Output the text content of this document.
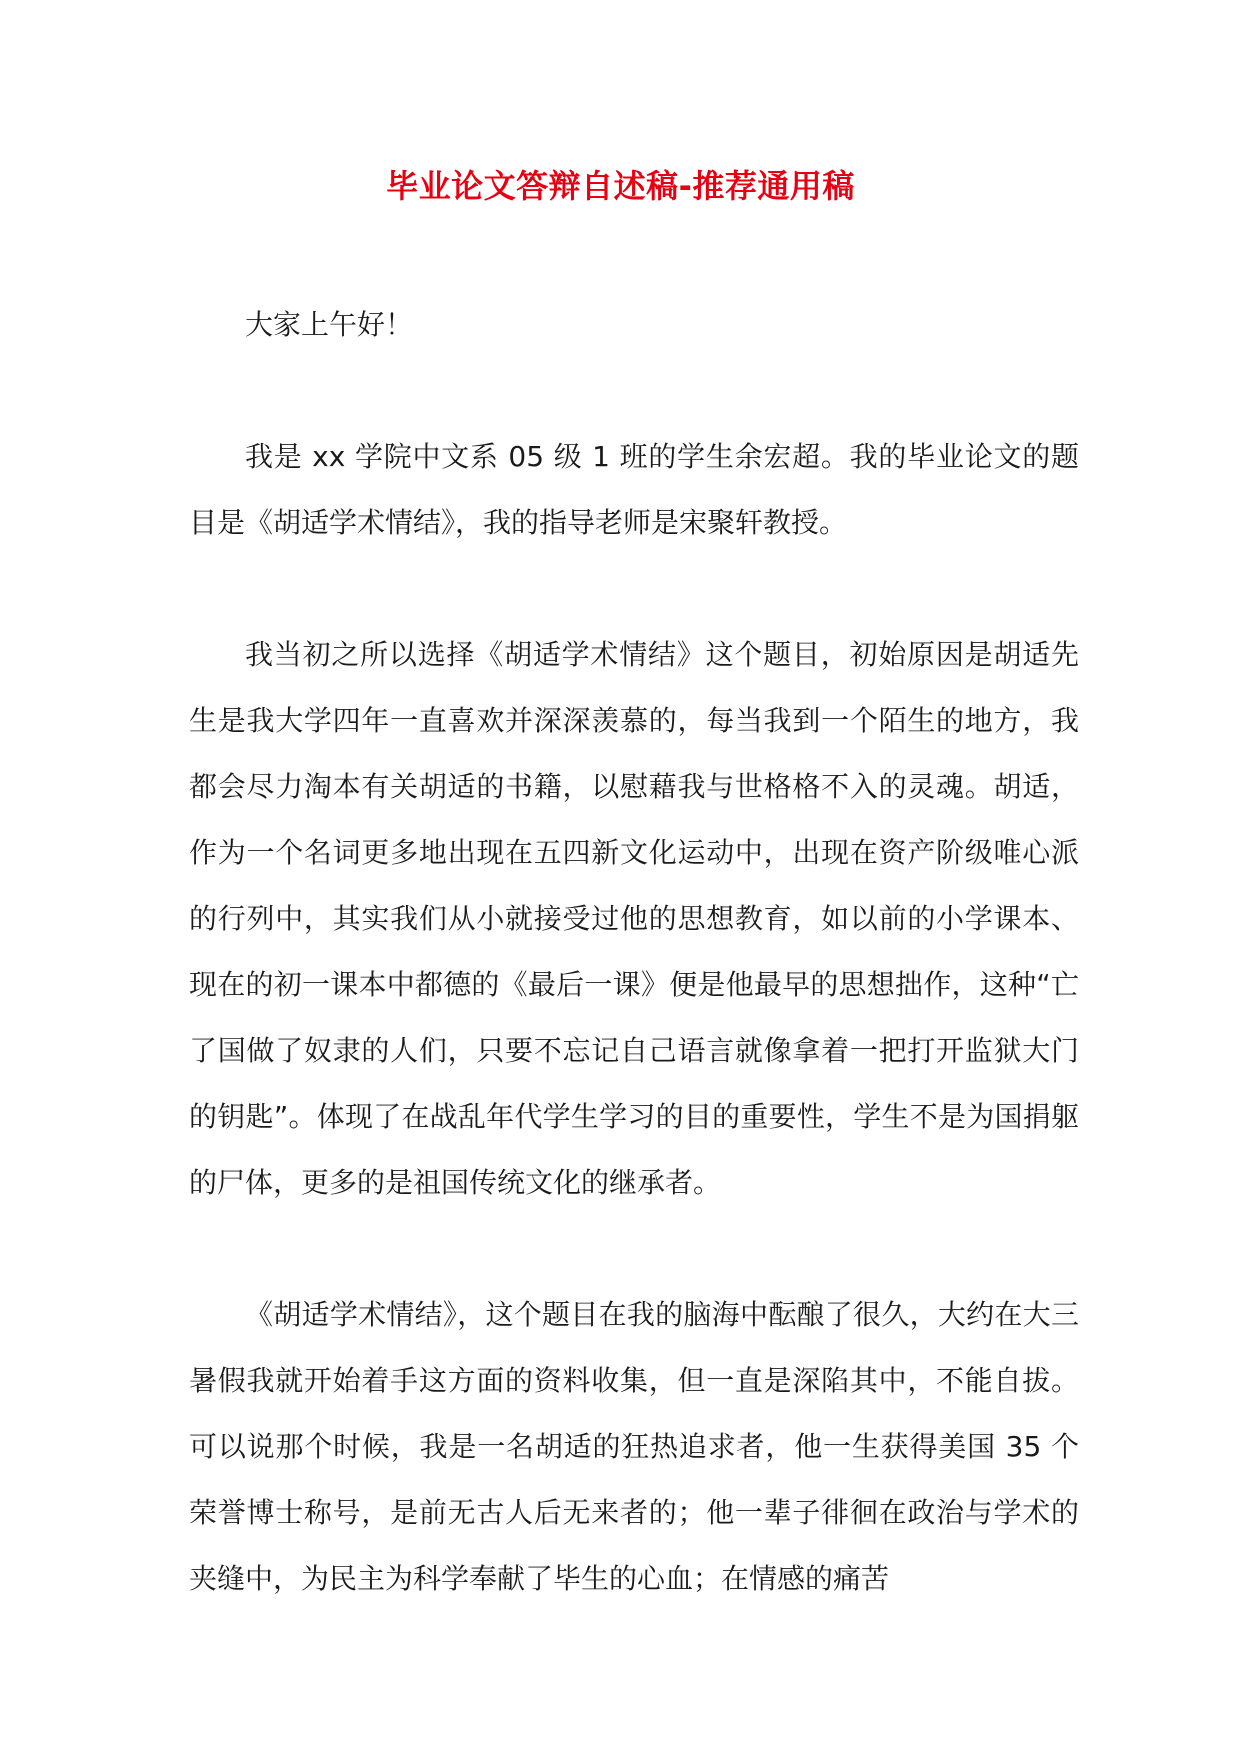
毕业论文答辩自述稿-推荐通用稿

大家上午好！

我是 xx 学院中文系 05 级 1 班的学生余宏超。我的毕业论文的题目是《胡适学术情结》，我的指导老师是宋聚轩教授。

我当初之所以选择《胡适学术情结》这个题目，初始原因是胡适先生是我大学四年一直喜欢并深深羡慕的，每当我到一个陌生的地方，我都会尽力淘本有关胡适的书籍，以慰藉我与世格格不入的灵魂。胡适，作为一个名词更多地出现在五四新文化运动中，出现在资产阶级唯心派的行列中，其实我们从小就接受过他的思想教育，如以前的小学课本、现在的初一课本中都德的《最后一课》便是他最早的思想拙作，这种“亡了国做了奴隶的人们，只要不忘记自己语言就像拿着一把打开监狱大门的钥匙”。体现了在战乱年代学生学习的目的重要性，学生不是为国捐躯的尸体，更多的是祖国传统文化的继承者。

《胡适学术情结》，这个题目在我的脑海中酝酿了很久，大约在大三暑假我就开始着手这方面的资料收集，但一直是深陷其中，不能自拔。可以说那个时候，我是一名胡适的狂热追求者，他一生获得美国 35 个荣誉博士称号，是前无古人后无来者的；他一辈子徘徊在政治与学术的夹缝中，为民主为科学奉献了毕生的心血；在情感的痛苦
